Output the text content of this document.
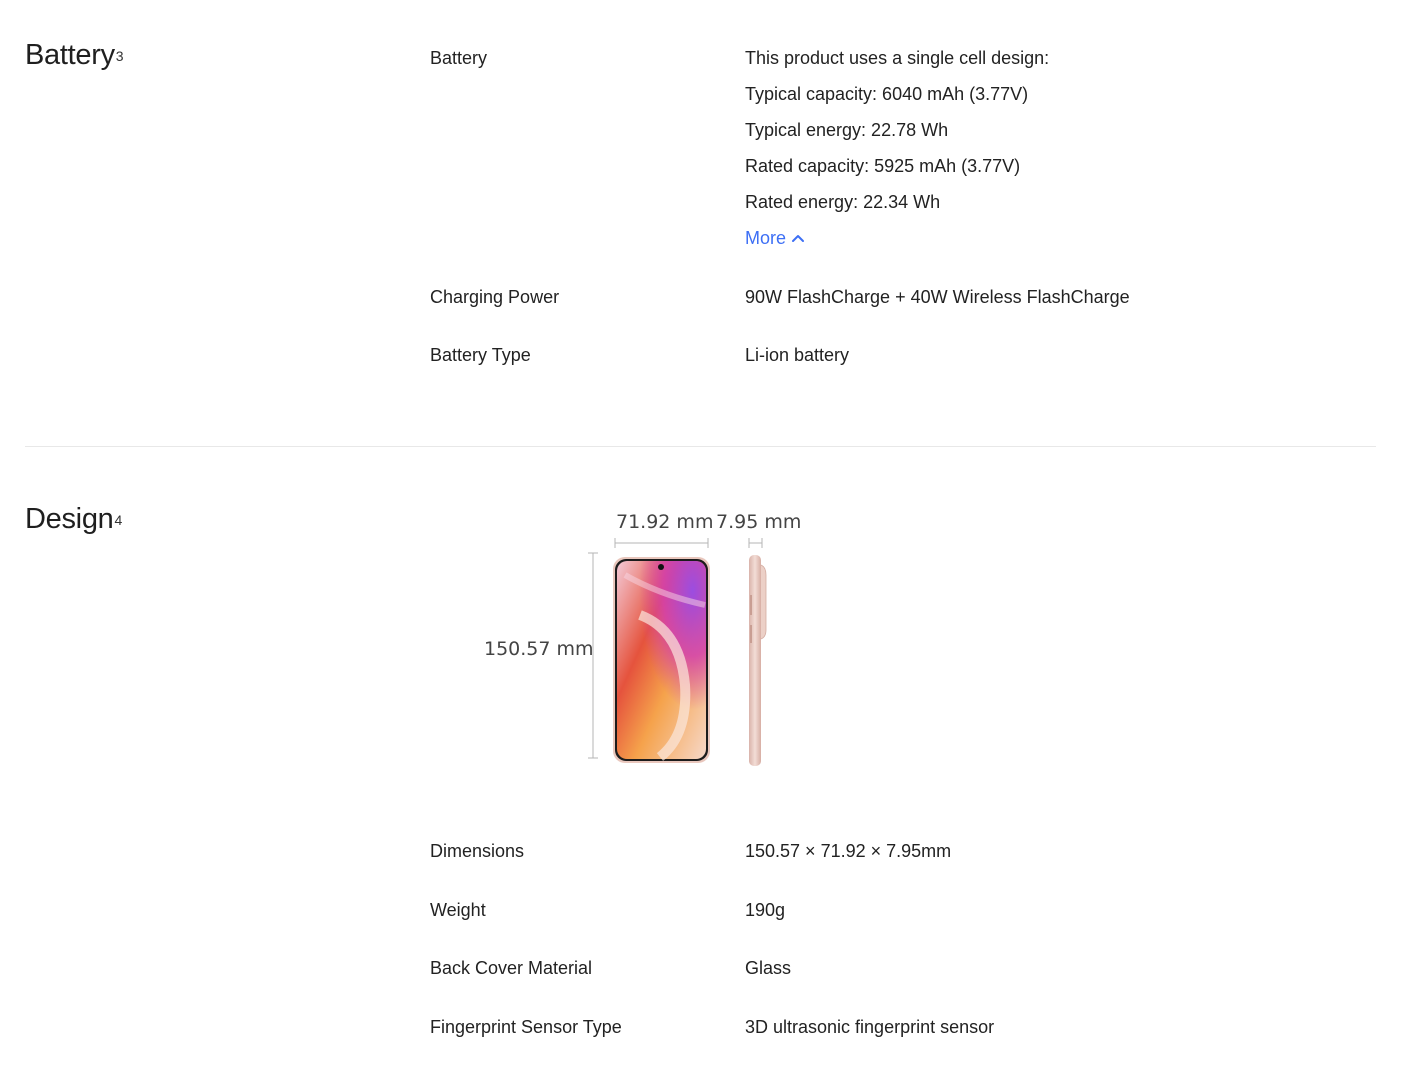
Battery$^3$	Battery	This product uses a single cell design:
Typical capacity: 6040 mAh (3.77V)
Typical energy: 22.78 Wh
Rated capacity: 5925 mAh (3.77V)
Rated energy: 22.34 Wh
More
Charging Power	90W FlashCharge + 40W Wireless FlashCharge
Battery Type	Li-ion battery
Design$^4$	71.92 mm 7.95 mm
150.57 mm
Dimensions	150.57 × 71.92 × 7.95mm
Weight	190g
Back Cover Material	Glass
Fingerprint Sensor Type	3D ultrasonic fingerprint sensor
